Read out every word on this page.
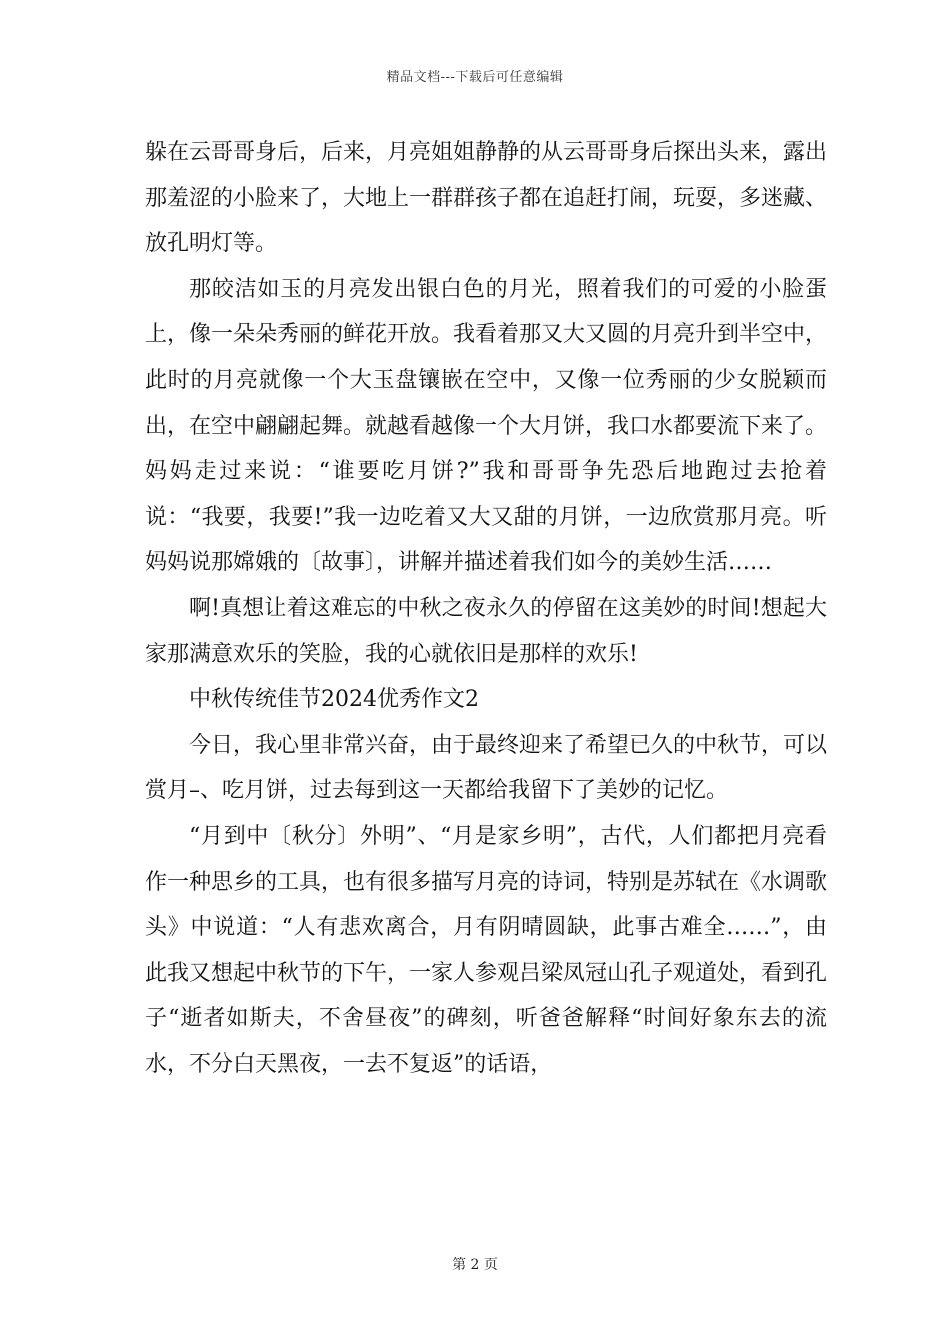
精品文档---下载后可任意编辑

躲在云哥哥身后，后来，月亮姐姐静静的从云哥哥身后探出头来，露出那羞涩的小脸来了，大地上一群群孩子都在追赶打闹，玩耍，多迷藏、放孔明灯等。

那皎洁如玉的月亮发出银白色的月光，照着我们的可爱的小脸蛋上，像一朵朵秀丽的鲜花开放。我看着那又大又圆的月亮升到半空中，此时的月亮就像一个大玉盘镶嵌在空中，又像一位秀丽的少女脱颖而出，在空中翩翩起舞。就越看越像一个大月饼，我口水都要流下来了。妈妈走过来说：“谁要吃月饼?”我和哥哥争先恐后地跑过去抢着说：“我要，我要!”我一边吃着又大又甜的月饼，一边欣赏那月亮。听妈妈说那嫦娥的〔故事〕，讲解并描述着我们如今的美妙生活……

啊!真想让着这难忘的中秋之夜永久的停留在这美妙的时间!想起大家那满意欢乐的笑脸，我的心就依旧是那样的欢乐!

中秋传统佳节2024优秀作文2

今日，我心里非常兴奋，由于最终迎来了希望已久的中秋节，可以赏月–、吃月饼，过去每到这一天都给我留下了美妙的记忆。

“月到中〔秋分〕外明”、“月是家乡明”，古代，人们都把月亮看作一种思乡的工具，也有很多描写月亮的诗词，特别是苏轼在《水调歌头》中说道：“人有悲欢离合，月有阴晴圆缺，此事古难全……”，由此我又想起中秋节的下午，一家人参观吕梁凤冠山孔子观道处，看到孔子“逝者如斯夫，不舍昼夜”的碑刻，听爸爸解释“时间好象东去的流水，不分白天黑夜，一去不复返”的话语，

第 2 页
